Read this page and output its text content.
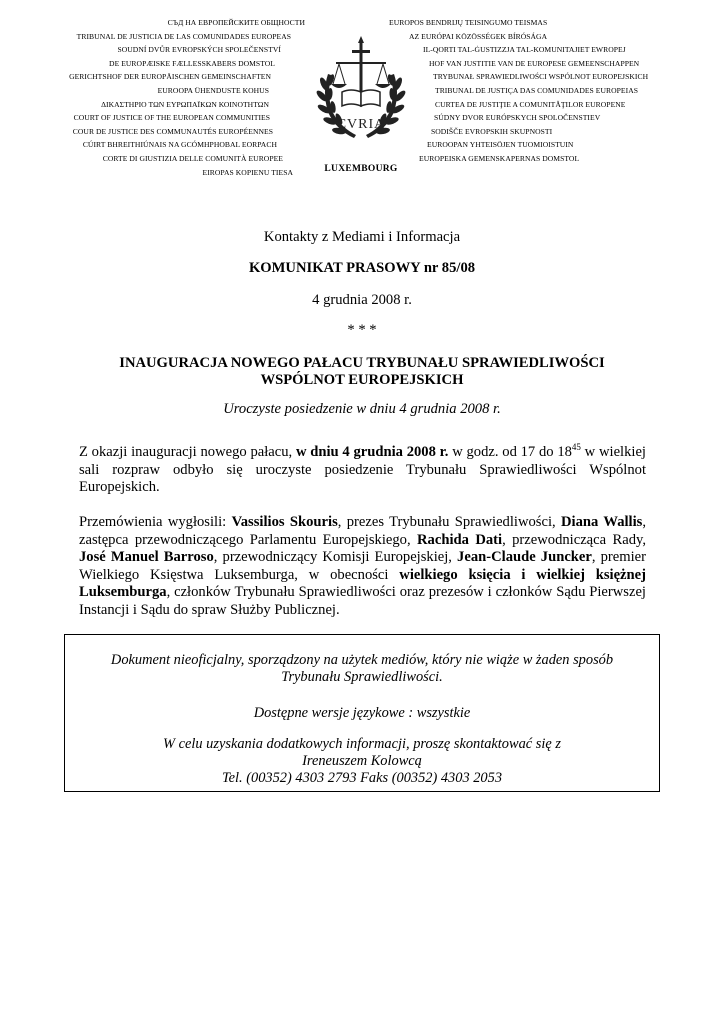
СЪД НА ЕВРОПЕЙСКИТЕ ОБЩНОСТИ
TRIBUNAL DE JUSTICIA DE LAS COMUNIDADES EUROPEAS
SOUDNÍ DVŮR EVROPSKÝCH SPOLEČENSTVÍ
DE EUROPÆISKE FÆLLESSKABERS DOMSTOL
GERICHTSHOF DER EUROPÄISCHEN GEMEINSCHAFTEN
EUROOPA ÜHENDUSTE KOHUS
ΔΙΚΑΣΤΗΡΙΟ ΤΩΝ ΕΥΡΩΠΑΪΚΩΝ ΚΟΙΝΟΤΗΤΩΝ
COURT OF JUSTICE OF THE EUROPEAN COMMUNITIES
COUR DE JUSTICE DES COMMUNAUTÉS EUROPÉENNES
CÚIRT BHREITHIÚNAIS NA GCÓMHPHOBAL EORPACH
CORTE DI GIUSTIZIA DELLE COMUNITÀ EUROPEE
EIROPAS KOPIENU TIESA
EUROPOS BENDRIJŲ TEISINGUMO TEISMAS
AZ EURÓPAI KÖZÖSSÉGEK BÍRÓSÁGA
IL-QORTI TAL-ĠUSTIZZJA TAL-KOMUNITAJIET EWROPEJ
HOF VAN JUSTITIE VAN DE EUROPESE GEMEENSCHAPPEN
TRYBUNAŁ SPRAWIEDLIWOŚCI WSPÓLNOT EUROPEJSKICH
TRIBUNAL DE JUSTIÇA DAS COMUNIDADES EUROPEIAS
CURTEA DE JUSTIŢIE A COMUNITĂŢILOR EUROPENE
SÚDNY DVOR EURÓPSKYCH SPOLOČENSTIEV
SODIŠČE EVROPSKIH SKUPNOSTI
EUROOPAN YHTEISÖJEN TUOMIOISTUIN
EUROPEISKA GEMENSKAPERNAS DOMSTOL
CVRIA
LUXEMBOURG
Kontakty z Mediami i Informacja
KOMUNIKAT PRASOWY nr 85/08
4 grudnia 2008 r.
* * *
INAUGURACJA NOWEGO PAŁACU TRYBUNAŁU SPRAWIEDLIWOŚCI
WSPÓLNOT EUROPEJSKICH
Uroczyste posiedzenie w dniu 4 grudnia 2008 r.
Z okazji inauguracji nowego pałacu, w dniu 4 grudnia 2008 r. w godz. od 17 do $18^{45}$ w wielkiej sali rozpraw odbyło się uroczyste posiedzenie Trybunału Sprawiedliwości Wspólnot Europejskich.
Przemówienia wygłosili: Vassilios Skouris, prezes Trybunału Sprawiedliwości, Diana Wallis, zastępca przewodniczącego Parlamentu Europejskiego, Rachida Dati, przewodnicząca Rady, José Manuel Barroso, przewodniczący Komisji Europejskiej, Jean-Claude Juncker, premier Wielkiego Księstwa Luksemburga, w obecności wielkiego księcia i wielkiej księżnej Luksemburga, członków Trybunału Sprawiedliwości oraz prezesów i członków Sądu Pierwszej Instancji i Sądu do spraw Służby Publicznej.
Dokument nieoficjalny, sporządzony na użytek mediów, który nie wiąże w żaden sposób
Trybunału Sprawiedliwości.
Dostępne wersje językowe : wszystkie
W celu uzyskania dodatkowych informacji, proszę skontaktować się z
Ireneuszem Kolowcą
Tel. (00352) 4303 2793 Faks (00352) 4303 2053
